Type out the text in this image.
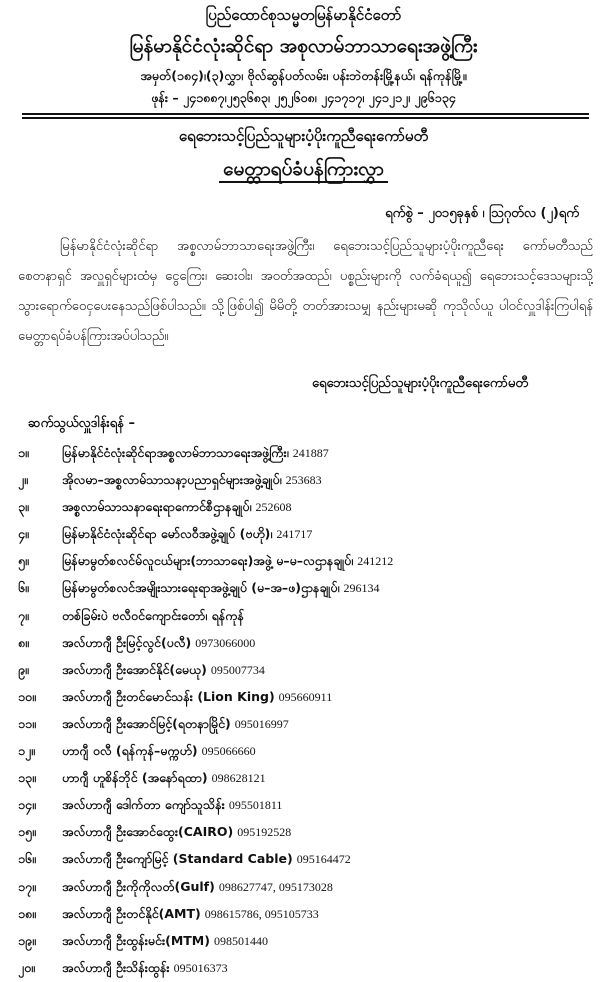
ပြည်ထောင်စုသမ္မတမြန်မာနိုင်ငံတော်
မြန်မာနိုင်ငံလုံးဆိုင်ရာ အစုလာမ်ဘာသာရေးအဖွဲ့ကြီး
အမှတ်(၁၈၄)၊(၃)လွှာ၊ ဗိုလ်ဆွန်ပတ်လမ်း၊ ပန်းဘဲတန်းမြို့နယ်၊ ရန်ကုန်မြို့။
ဖုန်း – ၂၄၁၈၈၇၊၂၅၃၆၈၃၊ ၂၅၂၆၀၈၊ ၂၄၁၇၁၇၊ ၂၄၁၂၁၂၊ ၂၉၆၁၃၄
ရေဘေးသင့်ပြည်သူများပံ့ပိုးကူညီရေးကော်မတီ
မေတ္တာရပ်ခံပန်ကြားလွှာ
ရက်စွဲ – ၂၀၁၅ခုနှစ် ၊ ဩဂုတ်လ (၂)ရက်
မြန်မာနိုင်ငံလုံးဆိုင်ရာ အစ္စလာမ်ဘာသာရေးအဖွဲ့ကြီး၊ ရေဘေးသင့်ပြည်သူများပံ့ပိုးကူညီရေး ကော်မတီသည် စေတနာရှင် အလှူရှင်များထံမှ ငွေကြေး၊ ဆေးဝါး၊ အဝတ်အထည်၊ ပစ္စည်းများကို လက်ခံရယူ၍ ရေဘေးသင့်ဒေသများသို့သွားရောက်ဝေငှပေးနေသည်ဖြစ်ပါသည်။ သို့ဖြစ်ပါ၍ မိမိတို့ တတ်အားသမျှ နည်းများမဆို ကုသိုလ်ယူ ပါဝင်လှူဒါန်းကြပါရန် မေတ္တာရပ်ခံပန်ကြားအပ်ပါသည်။
ရေဘေးသင့်ပြည်သူများပံ့ပိုးကူညီရေးကော်မတီ
ဆက်သွယ်လှူဒါန်းရန် –
၁။	မြန်မာနိုင်ငံလုံးဆိုင်ရာအစ္စလာမ်ဘာသာရေးအဖွဲ့ကြီး၊ 241887
၂။	အိုလမာ–အစ္စလာမ်သာသနာ့ပညာရှင်များအဖွဲ့ချုပ်၊ 253683
၃။	အစ္စလာမ်သာသနာရေးရာကောင်စီဌာနချုပ်၊ 252608
၄။	မြန်မာနိုင်ငံလုံးဆိုင်ရာ မော်လဝီအဖွဲ့ချုပ် (ဗဟို)၊ 241717
၅။	မြန်မာမွတ်စလင်မ်လူငယ်များ(ဘာသာရေး)အဖွဲ့ မ–မ–လဌာနချုပ်၊ 241212
၆။	မြန်မာမွတ်စလင်အမျိုးသားရေးရာအဖွဲ့ချုပ် (မ–အ–ဖ)ဌာနချုပ်၊ 296134
၇။	တစ်ခြမ်းပဲ ဗလီဝင်ကျောင်းတော်၊ ရန်ကုန်
၈။	အလ်ဟာဂျီ ဦးမြင့်လွင်(ပလီ) 0973066000
၉။	အလ်ဟာဂျီ ဦးအောင်နိုင်(မေယု) 095007734
၁၀။ အလ်ဟာဂျီ ဦးတင်မောင်သန်း (Lion King) 095660911
၁၁။ အလ်ဟာဂျီ ဦးအောင်မြင့်(ရတနာမြိုင်) 095016997
၁၂။ ဟာဂျီ ဝလီ (ရန်ကုန်–မက္ကဟ်) 095066660
၁၃။ ဟာဂျီ ဟူစိန်ဘိုင် (အနော်ရထာ) 098628121
၁၄။ အလ်ဟာဂျီ ဒေါက်တာ ကျော်သူသိန်း 095501811
၁၅။ အလ်ဟာဂျီ ဦးအောင်ထွေး(CAIRO) 095192528
၁၆။ အလ်ဟာဂျီ ဦးကျော်မြင့် (Standard Cable) 095164472
၁၇။ အလ်ဟာဂျီ ဦးကိုကိုလတ်(Gulf) 098627747, 095173028
၁၈။ အလ်ဟာဂျီ ဦးတင်နိုင်(AMT) 098615786, 095105733
၁၉။ အလ်ဟာဂျီ ဦးထွန်းမင်း(MTM) 098501440
၂၀။ အလ်ဟာဂျီ ဦးသိန်းထွန်း 095016373
